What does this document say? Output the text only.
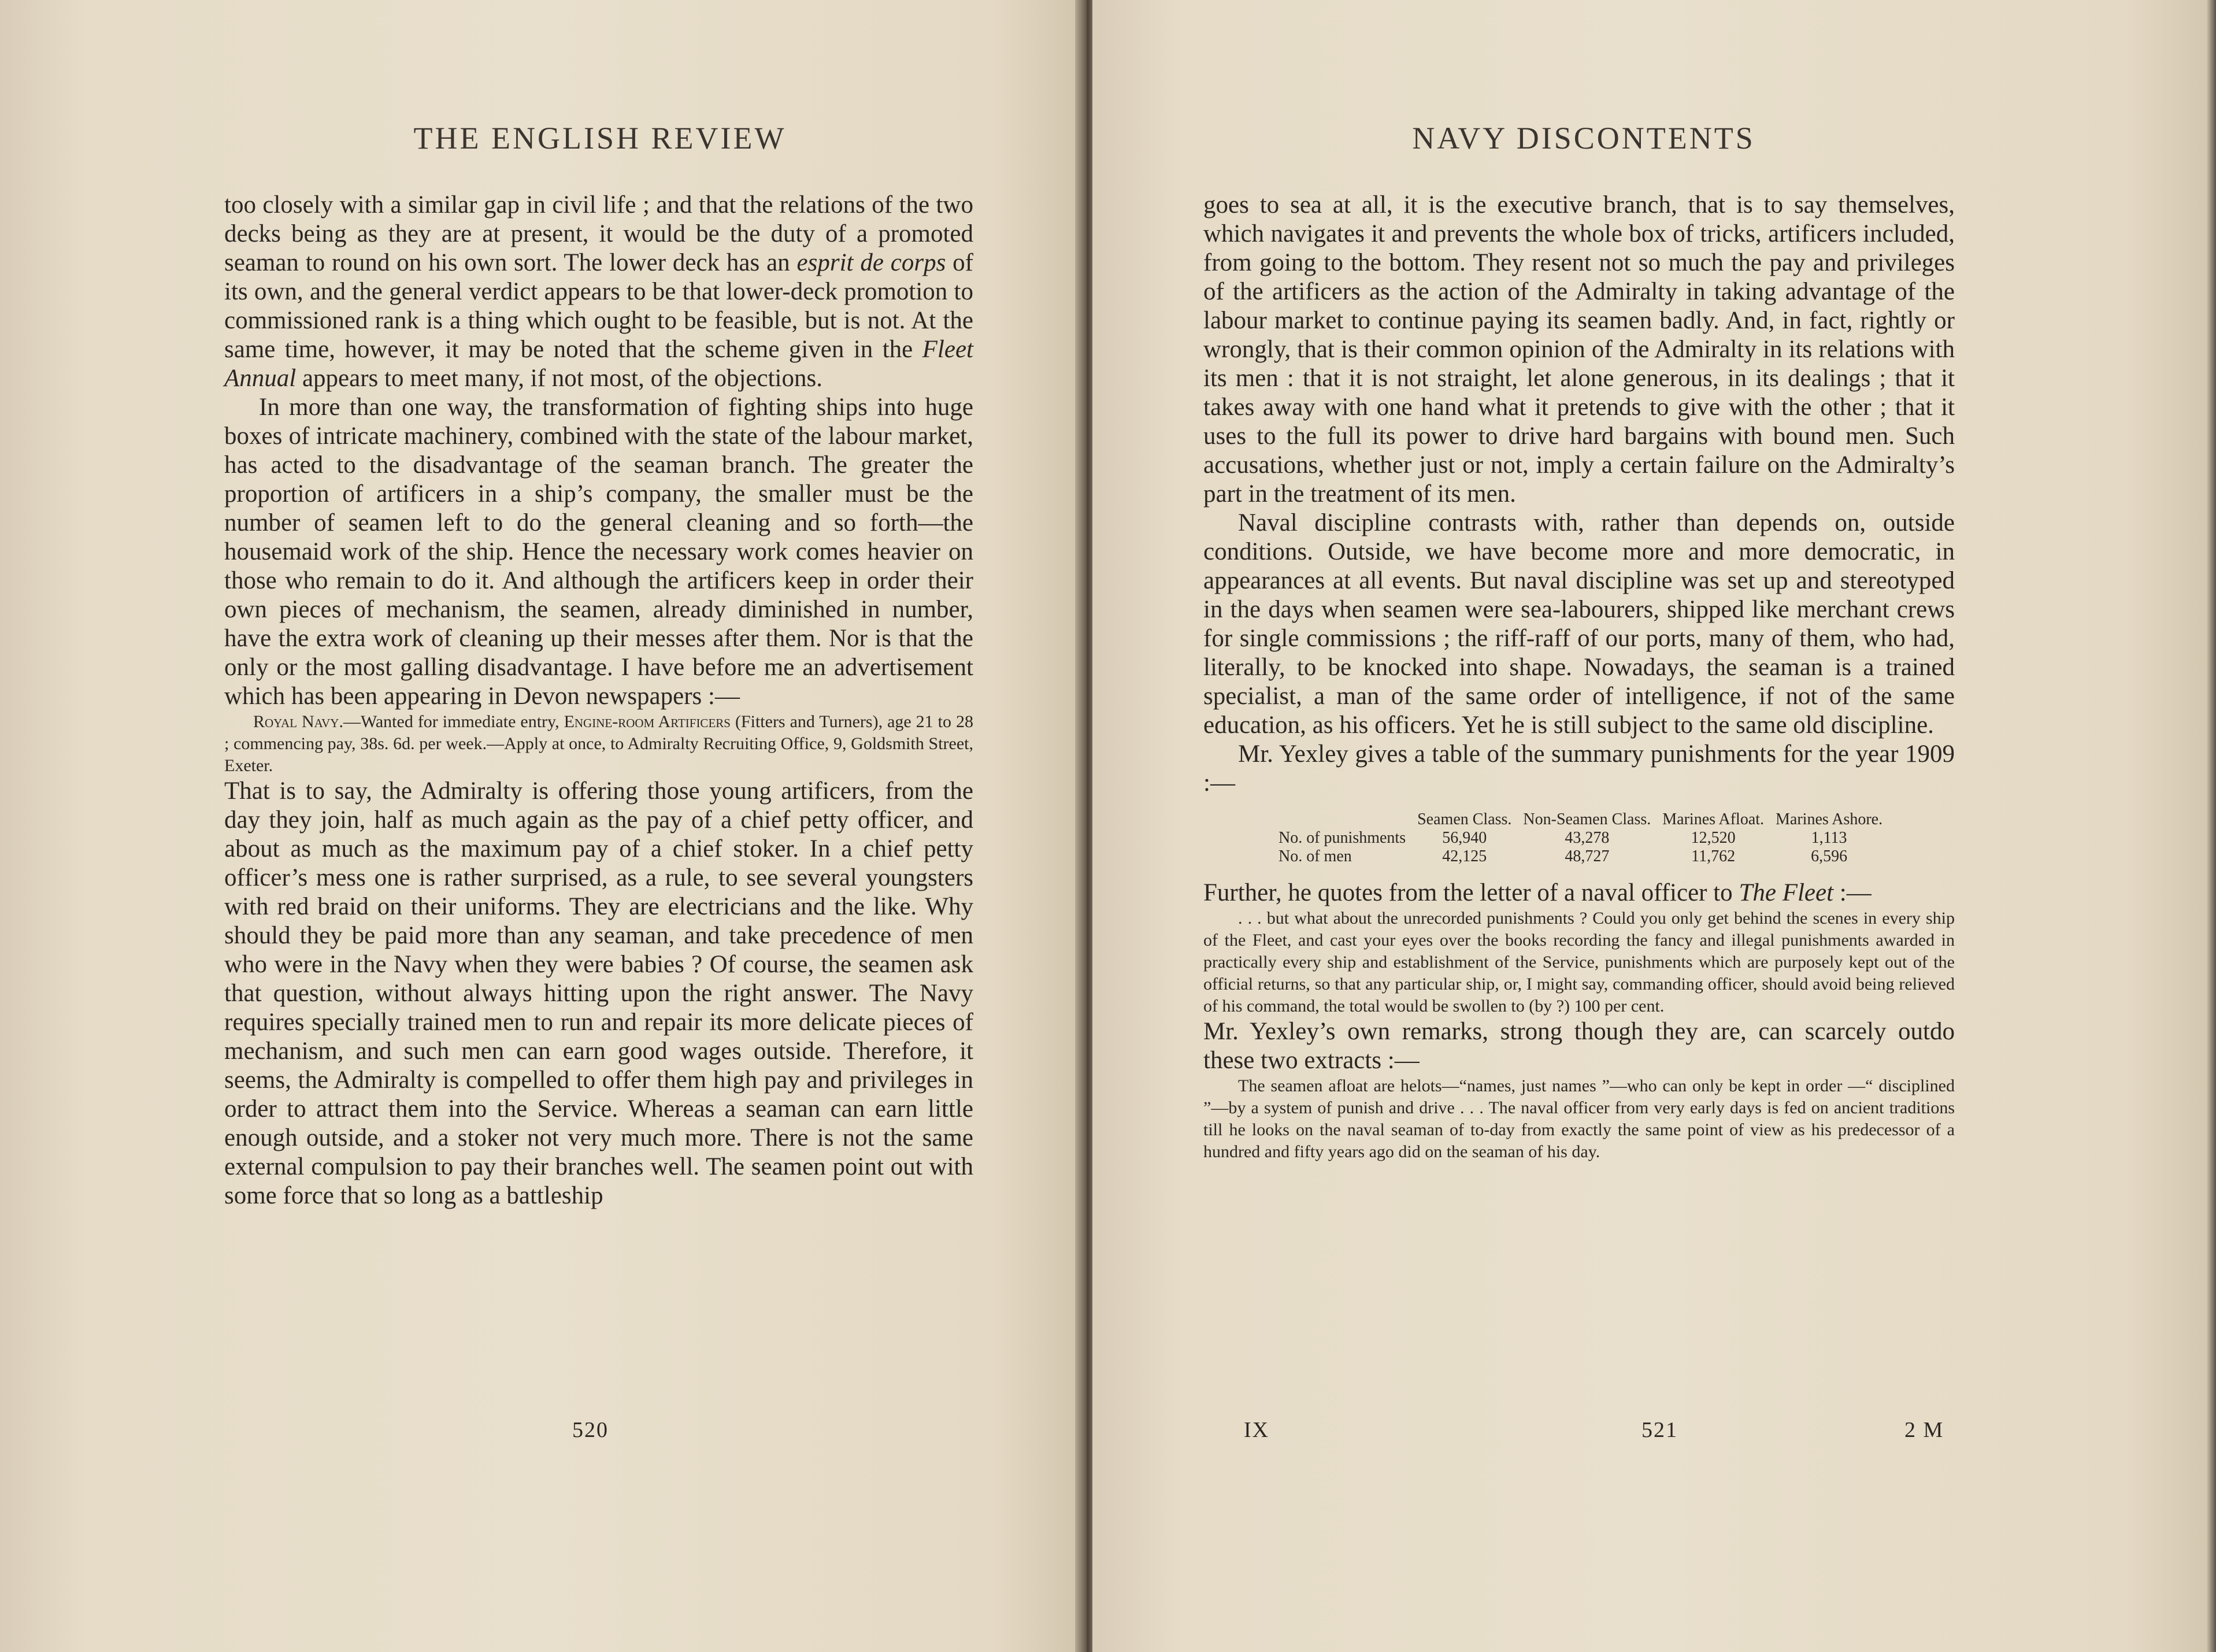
THE ENGLISH REVIEW

too closely with a similar gap in civil life ; and that the relations of the two decks being as they are at present, it would be the duty of a promoted seaman to round on his own sort. The lower deck has an esprit de corps of its own, and the general verdict appears to be that lower-deck promotion to commissioned rank is a thing which ought to be feasible, but is not. At the same time, however, it may be noted that the scheme given in the Fleet Annual appears to meet many, if not most, of the objections.

In more than one way, the transformation of fighting ships into huge boxes of intricate machinery, combined with the state of the labour market, has acted to the disadvantage of the seaman branch. The greater the proportion of artificers in a ship’s company, the smaller must be the number of seamen left to do the general cleaning and so forth—the housemaid work of the ship. Hence the necessary work comes heavier on those who remain to do it. And although the artificers keep in order their own pieces of mechanism, the seamen, already diminished in number, have the extra work of cleaning up their messes after them. Nor is that the only or the most galling disadvantage. I have before me an advertisement which has been appearing in Devon newspapers :—

Royal Navy.—Wanted for immediate entry, Engine-room Artificers (Fitters and Turners), age 21 to 28 ; commencing pay, 38s. 6d. per week.—Apply at once, to Admiralty Recruiting Office, 9, Goldsmith Street, Exeter.

That is to say, the Admiralty is offering those young artificers, from the day they join, half as much again as the pay of a chief petty officer, and about as much as the maximum pay of a chief stoker. In a chief petty officer’s mess one is rather surprised, as a rule, to see several youngsters with red braid on their uniforms. They are electricians and the like. Why should they be paid more than any seaman, and take precedence of men who were in the Navy when they were babies ? Of course, the seamen ask that question, without always hitting upon the right answer. The Navy requires specially trained men to run and repair its more delicate pieces of mechanism, and such men can earn good wages outside. Therefore, it seems, the Admiralty is compelled to offer them high pay and privileges in order to attract them into the Service. Whereas a seaman can earn little enough outside, and a stoker not very much more. There is not the same external compulsion to pay their branches well. The seamen point out with some force that so long as a battleship

520
NAVY DISCONTENTS

goes to sea at all, it is the executive branch, that is to say themselves, which navigates it and prevents the whole box of tricks, artificers included, from going to the bottom. They resent not so much the pay and privileges of the artificers as the action of the Admiralty in taking advantage of the labour market to continue paying its seamen badly. And, in fact, rightly or wrongly, that is their common opinion of the Admiralty in its relations with its men : that it is not straight, let alone generous, in its dealings ; that it takes away with one hand what it pretends to give with the other ; that it uses to the full its power to drive hard bargains with bound men. Such accusations, whether just or not, imply a certain failure on the Admiralty’s part in the treatment of its men.

Naval discipline contrasts with, rather than depends on, outside conditions. Outside, we have become more and more democratic, in appearances at all events. But naval discipline was set up and stereotyped in the days when seamen were sea-labourers, shipped like merchant crews for single commissions ; the riff-raff of our ports, many of them, who had, literally, to be knocked into shape. Nowadays, the seaman is a trained specialist, a man of the same order of intelligence, if not of the same education, as his officers. Yet he is still subject to the same old discipline.

Mr. Yexley gives a table of the summary punishments for the year 1909 :—

	Seamen Class.	Non-Seamen Class.	Marines Afloat.	Marines Ashore.
No. of punishments	56,940	43,278	12,520	1,113
No. of men	42,125	48,727	11,762	6,596

Further, he quotes from the letter of a naval officer to The Fleet :—

. . . but what about the unrecorded punishments ? Could you only get behind the scenes in every ship of the Fleet, and cast your eyes over the books recording the fancy and illegal punishments awarded in practically every ship and establishment of the Service, punishments which are purposely kept out of the official returns, so that any particular ship, or, I might say, commanding officer, should avoid being relieved of his command, the total would be swollen to (by ?) 100 per cent.

Mr. Yexley’s own remarks, strong though they are, can scarcely outdo these two extracts :—

The seamen afloat are helots—“names, just names ”—who can only be kept in order —“ disciplined ”—by a system of punish and drive . . . The naval officer from very early days is fed on ancient traditions till he looks on the naval seaman of to-day from exactly the same point of view as his predecessor of a hundred and fifty years ago did on the seaman of his day.

IX	521	2 M
